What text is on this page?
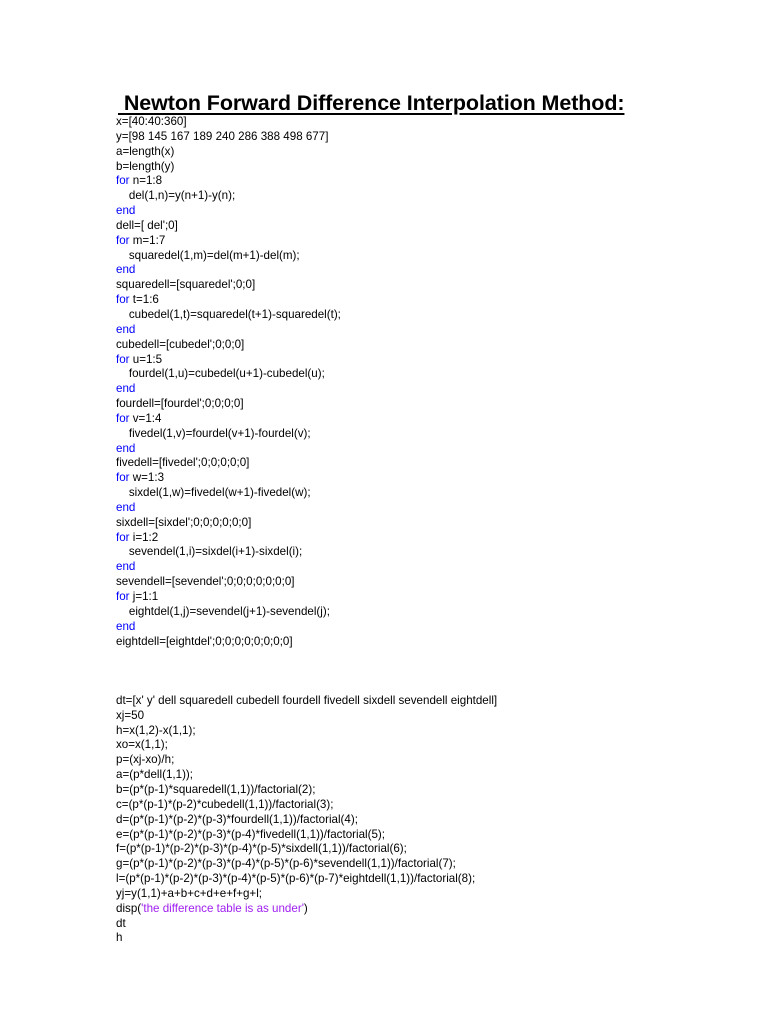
Newton Forward Difference Interpolation Method:
x=[40:40:360]
y=[98 145 167 189 240 286 388 498 677]
a=length(x)
b=length(y)
for n=1:8
del(1,n)=y(n+1)-y(n);
end
dell=[ del';0]
for m=1:7
squaredel(1,m)=del(m+1)-del(m);
end
squaredell=[squaredel';0;0]
for t=1:6
cubedel(1,t)=squaredel(t+1)-squaredel(t);
end
cubedell=[cubedel';0;0;0]
for u=1:5
fourdel(1,u)=cubedel(u+1)-cubedel(u);
end
fourdell=[fourdel';0;0;0;0]
for v=1:4
fivedel(1,v)=fourdel(v+1)-fourdel(v);
end
fivedell=[fivedel';0;0;0;0;0]
for w=1:3
sixdel(1,w)=fivedel(w+1)-fivedel(w);
end
sixdell=[sixdel';0;0;0;0;0;0]
for i=1:2
sevendel(1,i)=sixdel(i+1)-sixdel(i);
end
sevendell=[sevendel';0;0;0;0;0;0;0]
for j=1:1
eightdel(1,j)=sevendel(j+1)-sevendel(j);
end
eightdell=[eightdel';0;0;0;0;0;0;0;0]
dt=[x' y' dell squaredell cubedell fourdell fivedell sixdell sevendell eightdell]
xj=50
h=x(1,2)-x(1,1);
xo=x(1,1);
p=(xj-xo)/h;
a=(p*dell(1,1));
b=(p*(p-1)*squaredell(1,1))/factorial(2);
c=(p*(p-1)*(p-2)*cubedell(1,1))/factorial(3);
d=(p*(p-1)*(p-2)*(p-3)*fourdell(1,1))/factorial(4);
e=(p*(p-1)*(p-2)*(p-3)*(p-4)*fivedell(1,1))/factorial(5);
f=(p*(p-1)*(p-2)*(p-3)*(p-4)*(p-5)*sixdell(1,1))/factorial(6);
g=(p*(p-1)*(p-2)*(p-3)*(p-4)*(p-5)*(p-6)*sevendell(1,1))/factorial(7);
l=(p*(p-1)*(p-2)*(p-3)*(p-4)*(p-5)*(p-6)*(p-7)*eightdell(1,1))/factorial(8);
yj=y(1,1)+a+b+c+d+e+f+g+l;
disp('the difference table is as under')
dt
h
